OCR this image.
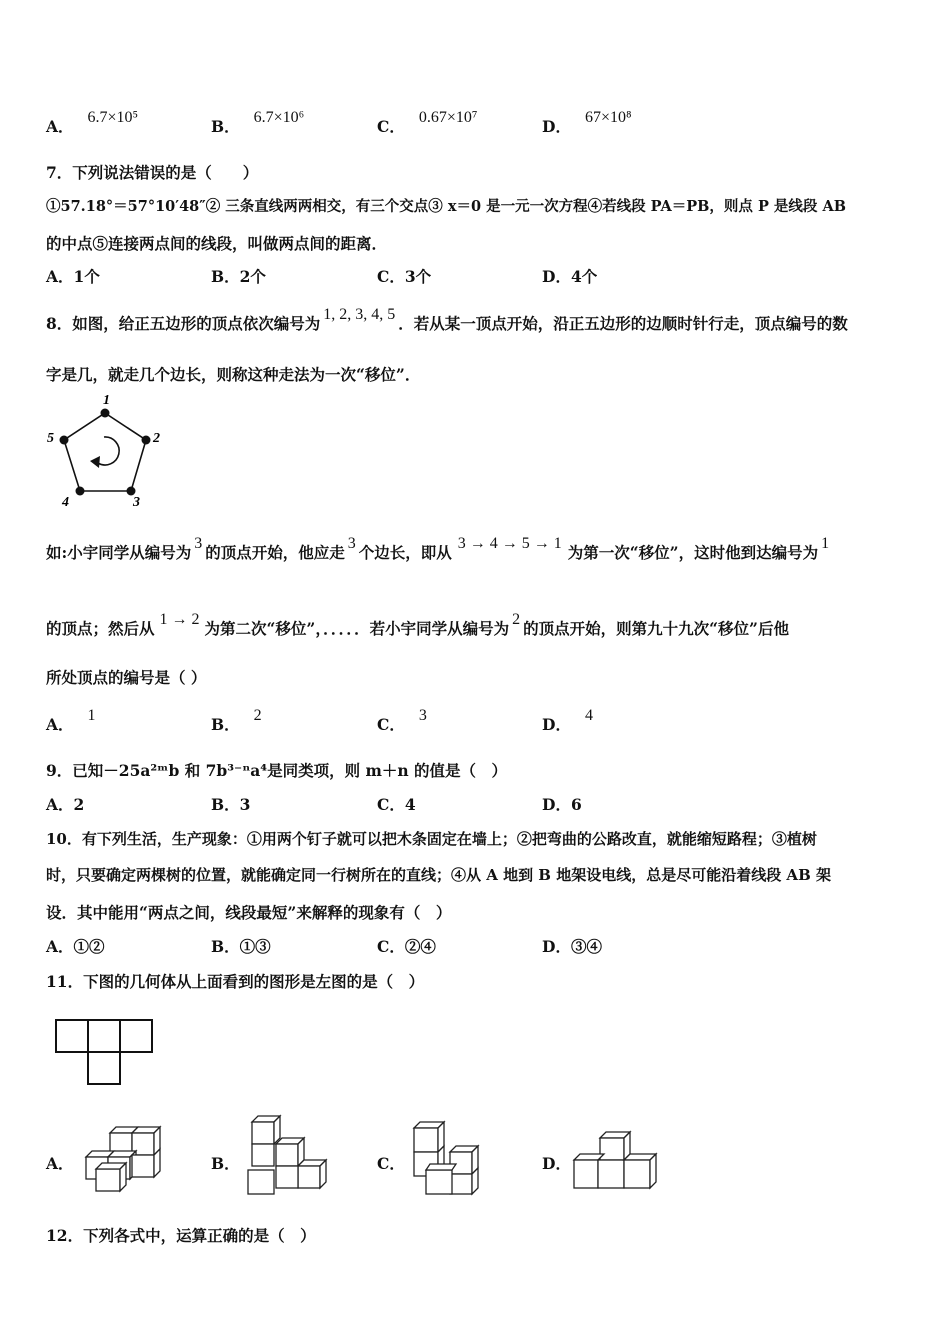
A． 6.7×10⁵	B． 6.7×10⁶	C． 0.67×10⁷	D． 67×10⁸
7．下列说法错误的是（　　）
①57.18°＝57°10′48″② 三条直线两两相交，有三个交点③ x＝0 是一元一次方程④若线段 PA＝PB，则点 P 是线段 AB
的中点⑤连接两点间的线段，叫做两点间的距离．
A．1个	B．2个	C．3个	D．4个
8．如图，给正五边形的顶点依次编号为 1, 2, 3, 4, 5 ．若从某一顶点开始，沿正五边形的边顺时针行走，顶点编号的数
字是几，就走几个边长，则称这种走法为一次“移位”．
1
2
3
4
5
如:小宇同学从编号为 3 的顶点开始，他应走 3 个边长，即从 3 → 4 → 5 → 1 为第一次“移位”，这时他到达编号为 1
的顶点；然后从 1 → 2 为第二次“移位”，．．．．．若小宇同学从编号为 2 的顶点开始，则第九十九次“移位”后他
所处顶点的编号是（ ）
A． 1	B． 2	C． 3	D． 4
9．已知－25a²ᵐb 和 7b³⁻ⁿa⁴是同类项，则 m＋n 的值是（　）
A．2	B．3	C．4	D．6
10．有下列生活，生产现象：①用两个钉子就可以把木条固定在墙上；②把弯曲的公路改直，就能缩短路程；③植树
时，只要确定两棵树的位置，就能确定同一行树所在的直线；④从 A 地到 B 地架设电线，总是尽可能沿着线段 AB 架
设．其中能用“两点之间，线段最短”来解释的现象有（　）
A．①②	B．①③	C．②④	D．③④
11．下图的几何体从上面看到的图形是左图的是（　）
A．	B．	C．	D．
12．下列各式中，运算正确的是（　）
